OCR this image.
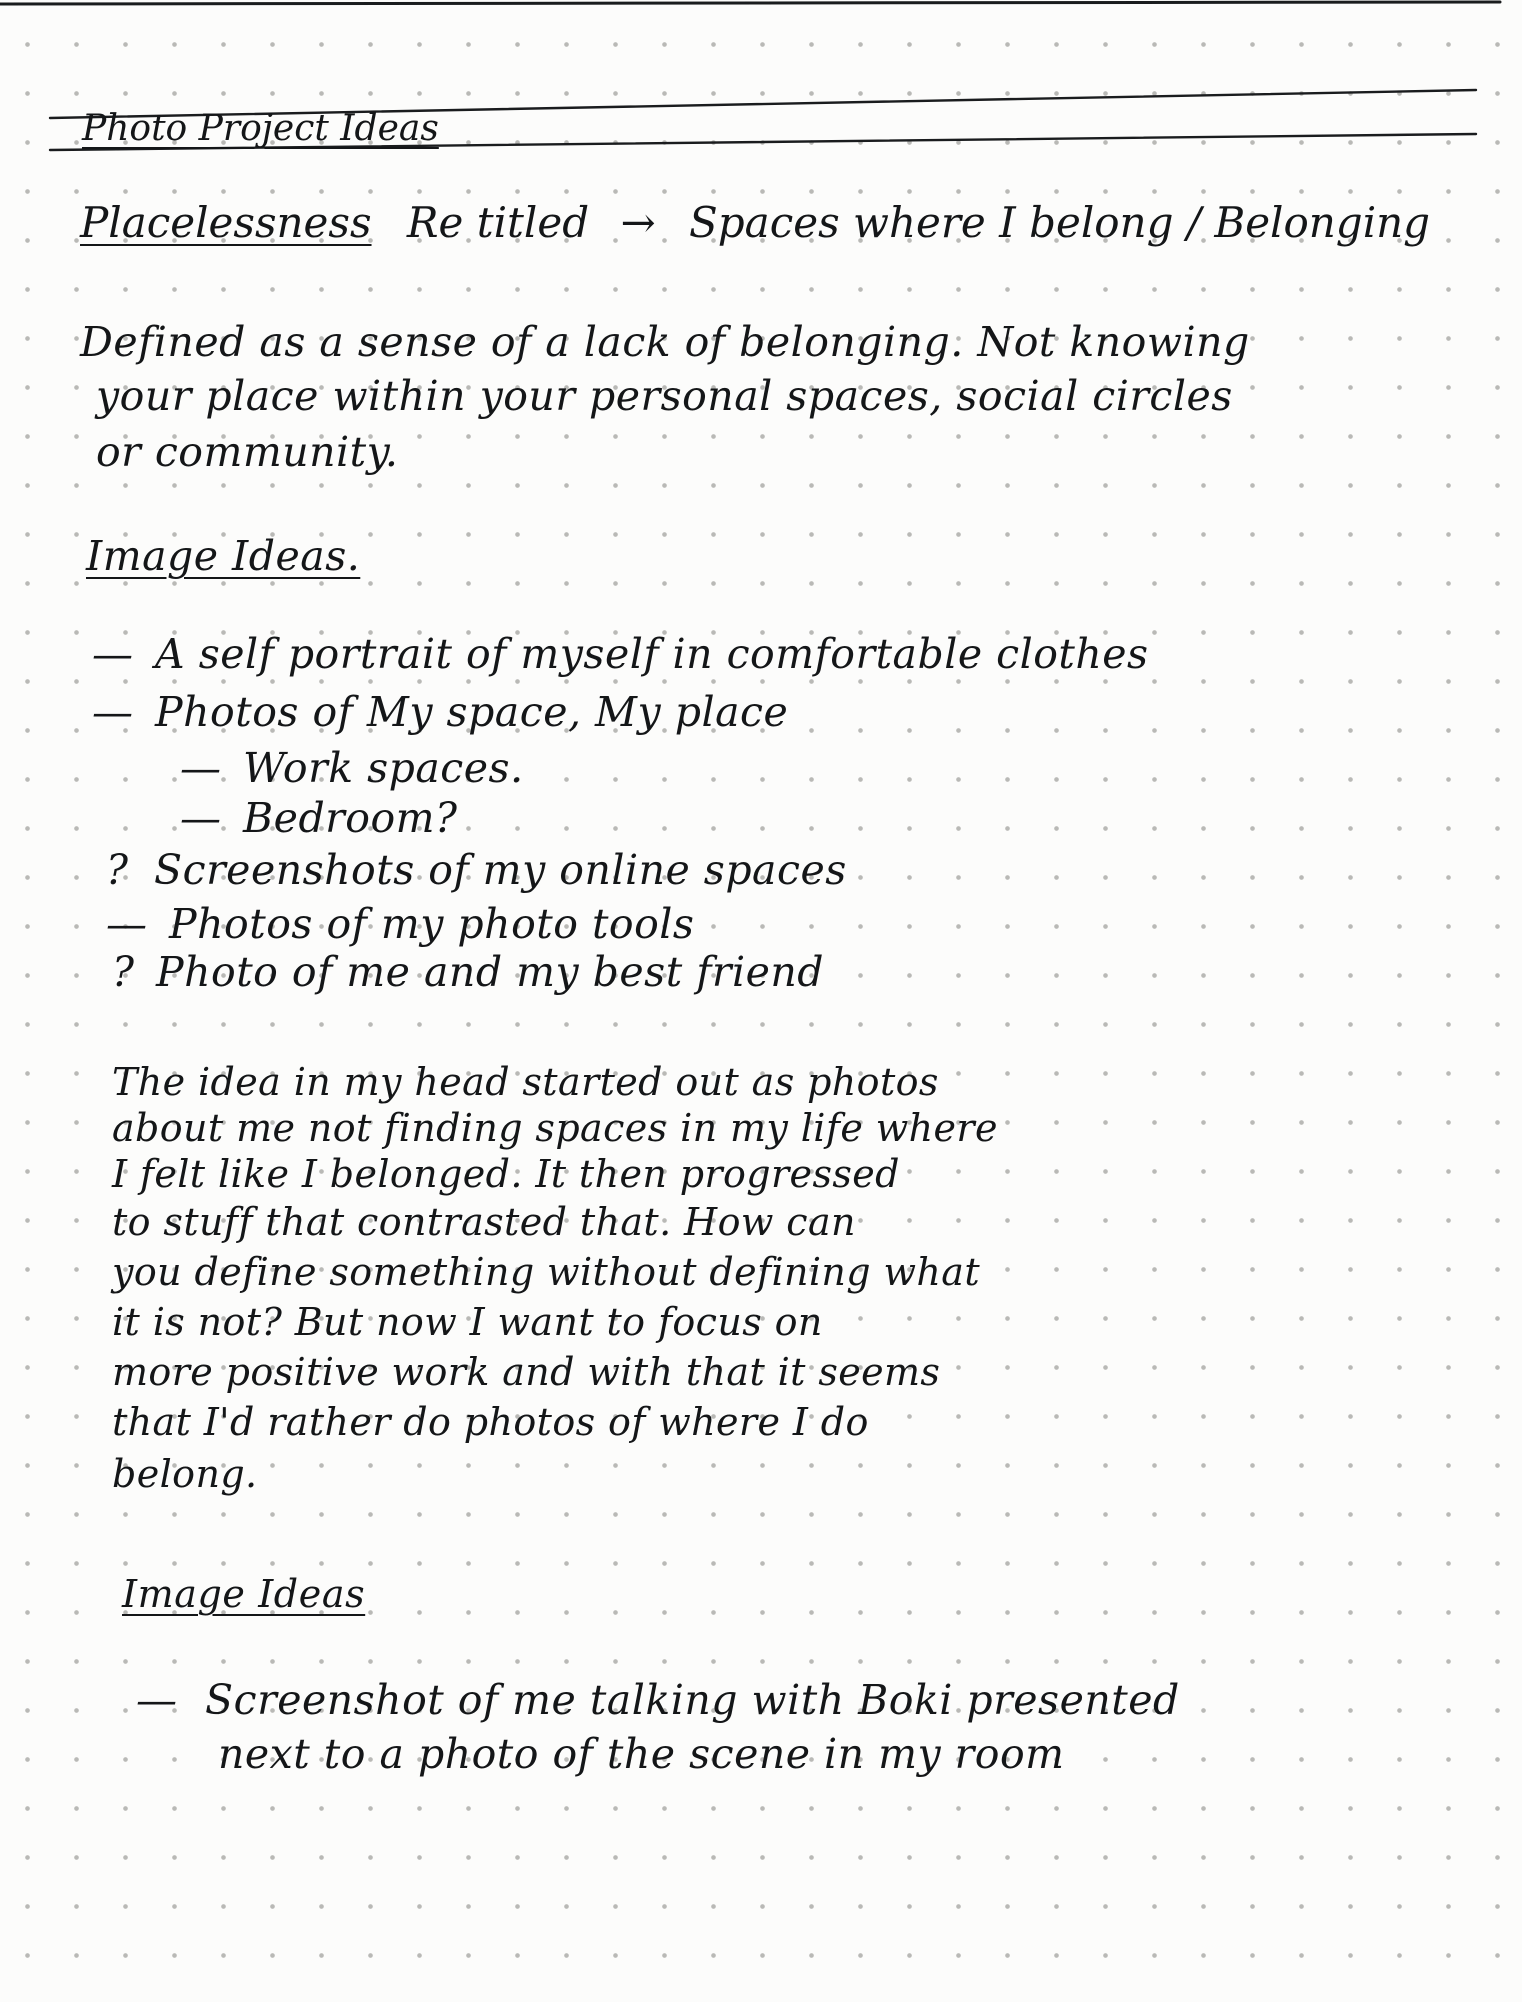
Photo Project Ideas
Placelessness Re titled → Spaces where I belong / Belonging
Defined as a sense of a lack of belonging. Not knowing
your place within your personal spaces, social circles
or community.
Image Ideas.
— A self portrait of myself in comfortable clothes
— Photos of My space, My place
— Work spaces.
— Bedroom?
? Screenshots of my online spaces
— Photos of my photo tools
? Photo of me and my best friend
The idea in my head started out as photos
about me not finding spaces in my life where
I felt like I belonged. It then progressed
to stuff that contrasted that. How can
you define something without defining what
it is not? But now I want to focus on
more positive work and with that it seems
that I'd rather do photos of where I do
belong.
Image Ideas
— Screenshot of me talking with Boki presented
next to a photo of the scene in my room
